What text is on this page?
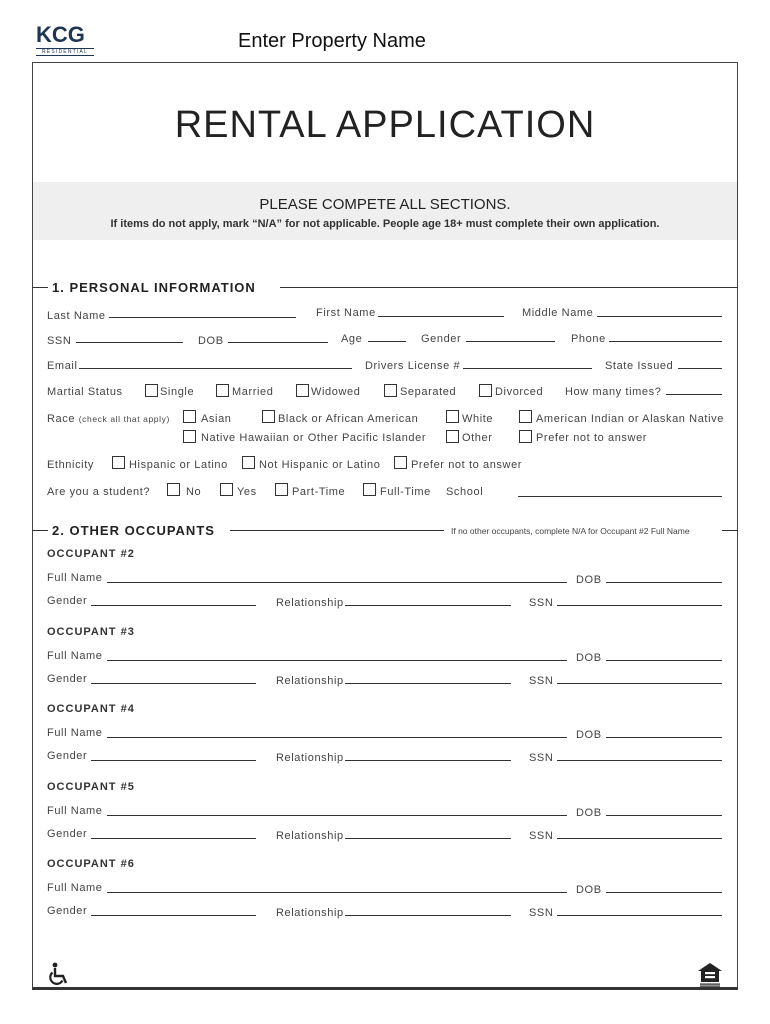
KCG
RESIDENTIAL	Enter Property Name
RENTAL APPLICATION
PLEASE COMPETE ALL SECTIONS.
If items do not apply, mark “N/A” for not applicable. People age 18+ must complete their own application.
1. PERSONAL INFORMATION
Last Name	First Name	Middle Name
SSN	DOB	Age	Gender	Phone
Email	Drivers License #	State Issued
Martial Status	Single	Married	Widowed	Separated	Divorced How many times?
Race (check all that apply)	Asian	Black or African American	White	American Indian or Alaskan Native
Native Hawaiian or Other Pacific Islander	Other	Prefer not to answer
Ethnicity	Hispanic or Latino	Not Hispanic or Latino	Prefer not to answer
Are you a student?	No	Yes	Part-Time	Full-Time School
2. OTHER OCCUPANTS	If no other occupants, complete N/A for Occupant #2 Full Name
OCCUPANT #2
Full Name	DOB
Gender	Relationship	SSN
OCCUPANT #3
Full Name	DOB
Gender	Relationship	SSN
OCCUPANT #4
Full Name	DOB
Gender	Relationship	SSN
OCCUPANT #5
Full Name	DOB
Gender	Relationship	SSN
OCCUPANT #6
Full Name	DOB
Gender	Relationship	SSN
